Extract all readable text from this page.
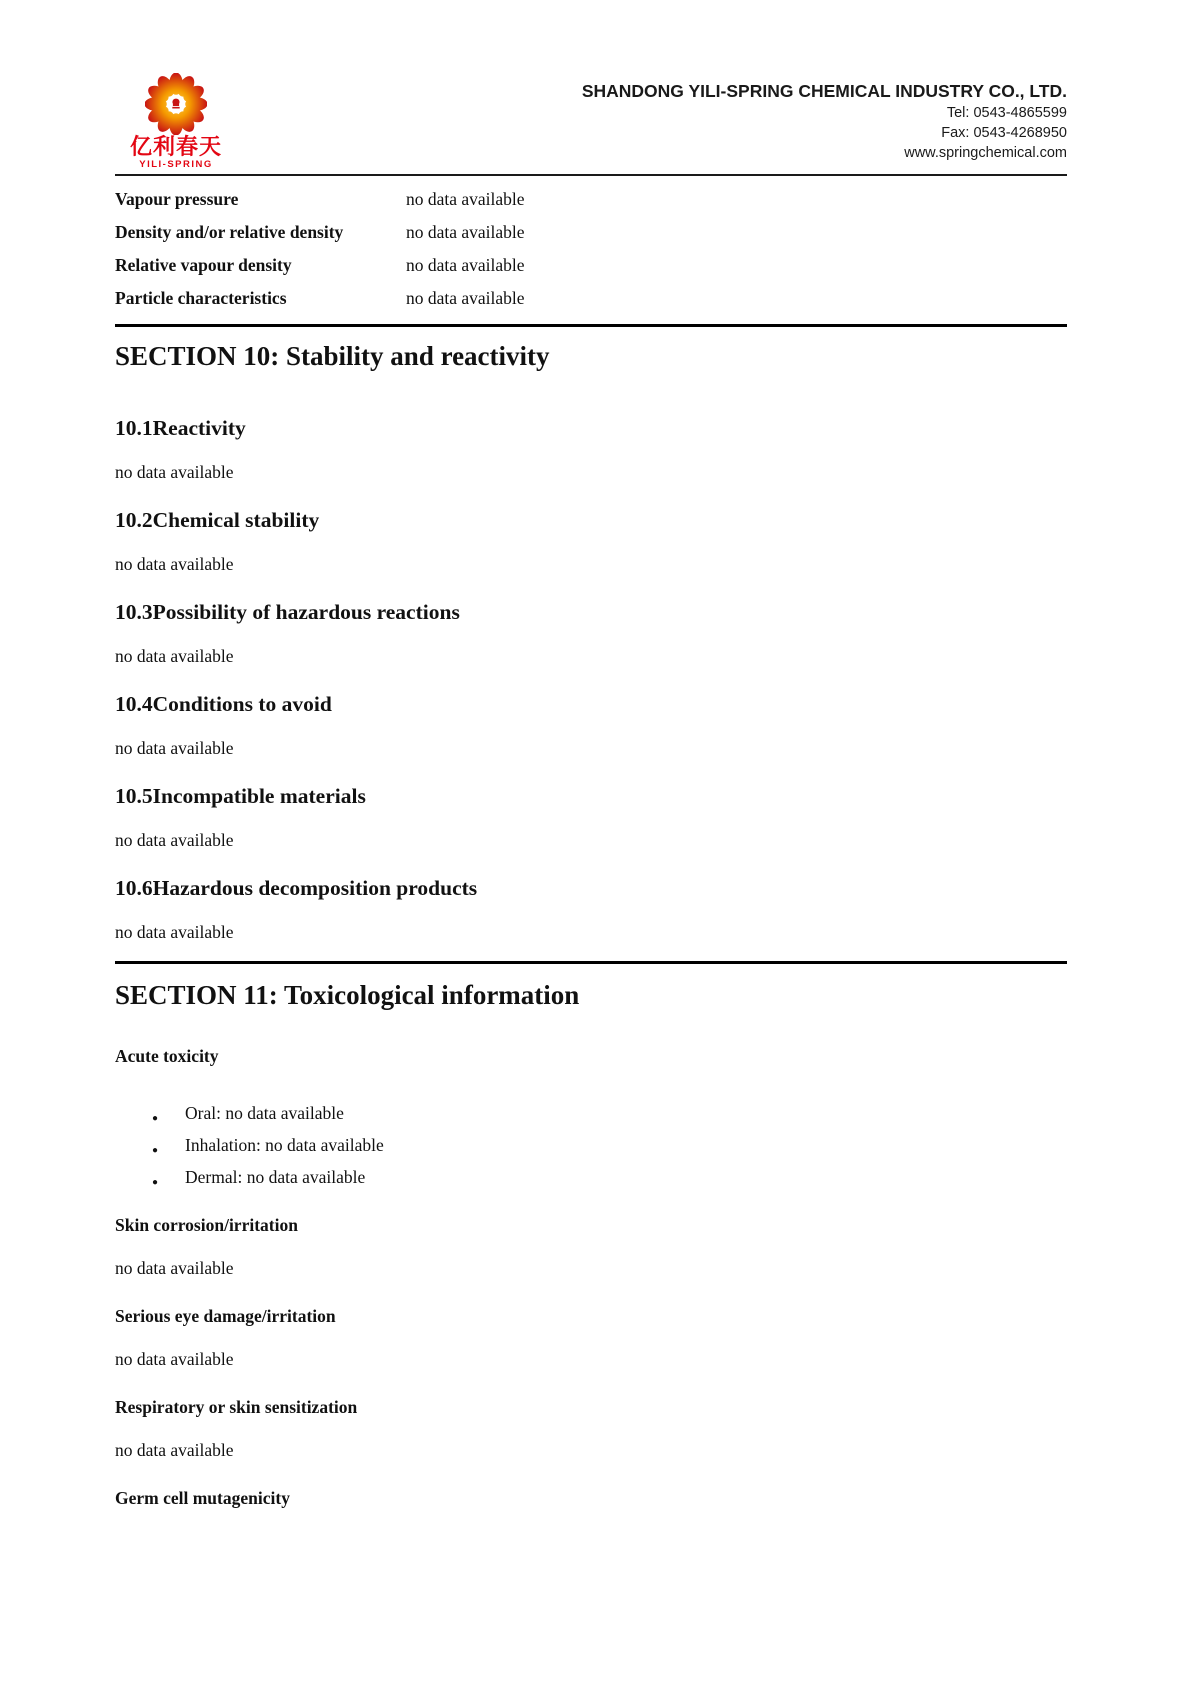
亿利春天
YILI-SPRING
SHANDONG YILI-SPRING CHEMICAL INDUSTRY CO., LTD.
Tel: 0543-4865599
Fax: 0543-4268950
www.springchemical.com
Vapour pressure	no data available
Density and/or relative density	no data available
Relative vapour density	no data available
Particle characteristics	no data available
SECTION 10: Stability and reactivity
10.1Reactivity
no data available
10.2Chemical stability
no data available
10.3Possibility of hazardous reactions
no data available
10.4Conditions to avoid
no data available
10.5Incompatible materials
no data available
10.6Hazardous decomposition products
no data available
SECTION 11: Toxicological information
Acute toxicity
● Oral: no data available
● Inhalation: no data available
● Dermal: no data available
Skin corrosion/irritation
no data available
Serious eye damage/irritation
no data available
Respiratory or skin sensitization
no data available
Germ cell mutagenicity
